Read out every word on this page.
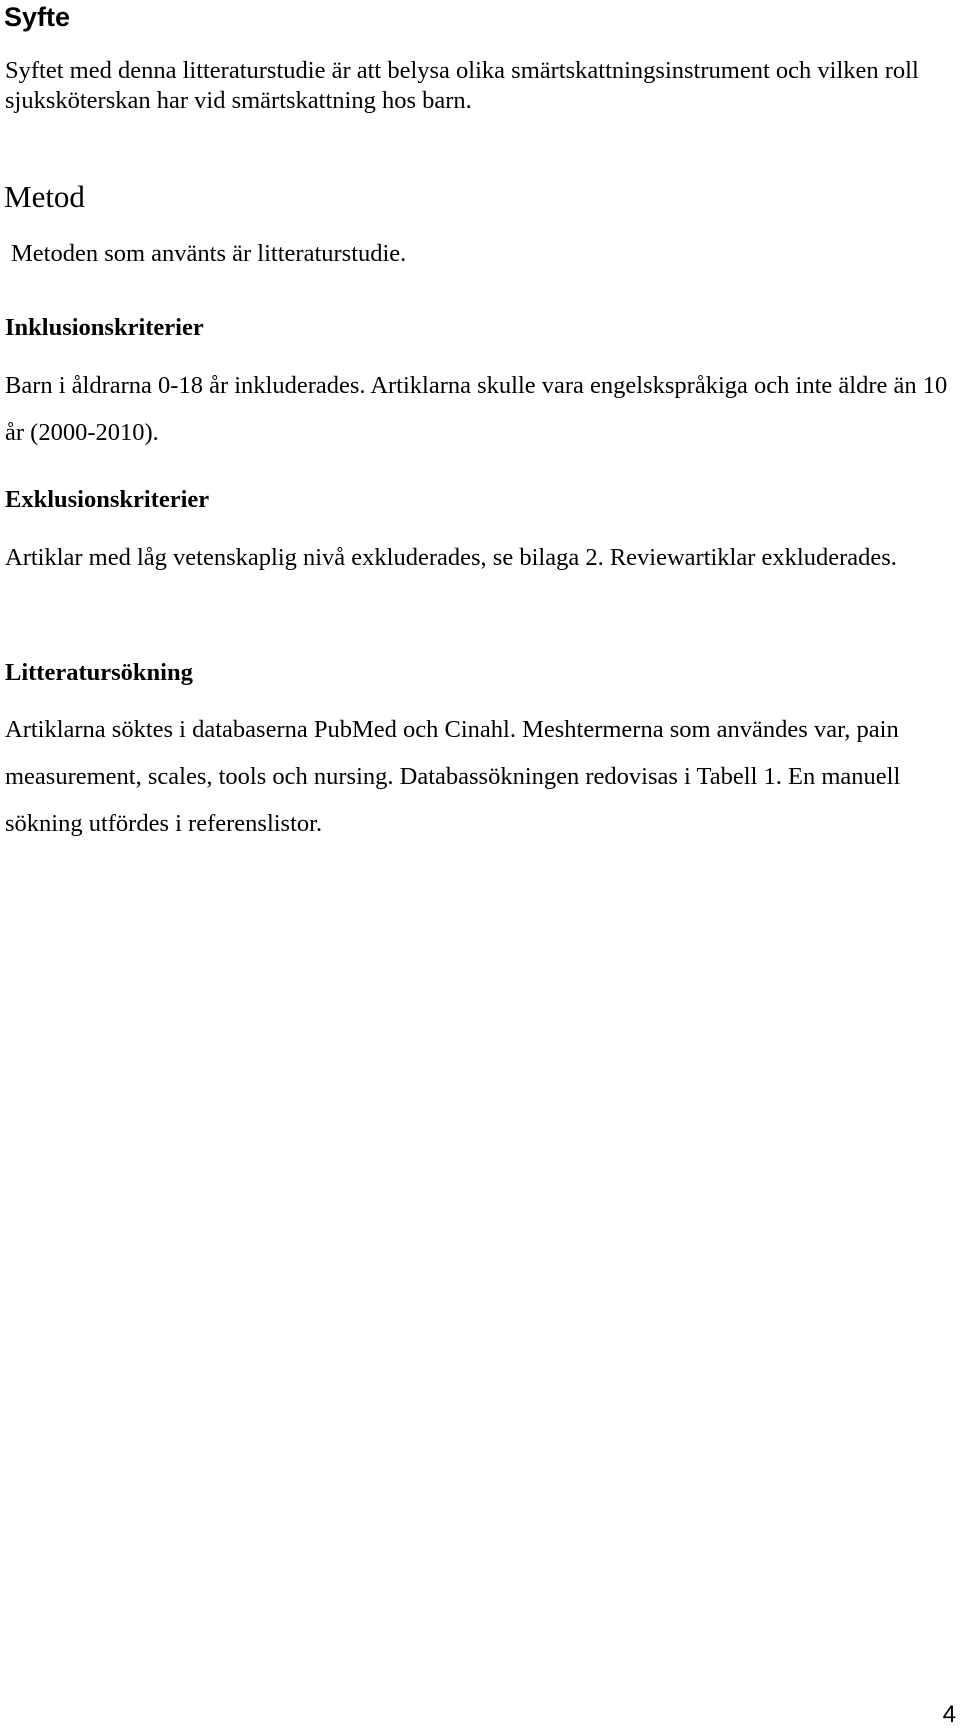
Syfte

Syftet med denna litteraturstudie är att belysa olika smärtskattningsinstrument och vilken roll sjuksköterskan har vid smärtskattning hos barn.

Metod

Metoden som använts är litteraturstudie.

Inklusionskriterier

Barn i åldrarna 0-18 år inkluderades. Artiklarna skulle vara engelskspråkiga och inte äldre än 10 år (2000-2010).

Exklusionskriterier

Artiklar med låg vetenskaplig nivå exkluderades, se bilaga 2. Reviewartiklar exkluderades.

Litteratursökning

Artiklarna söktes i databaserna PubMed och Cinahl. Meshtermerna som användes var, pain measurement, scales, tools och nursing. Databassökningen redovisas i Tabell 1. En manuell sökning utfördes i referenslistor.

4
